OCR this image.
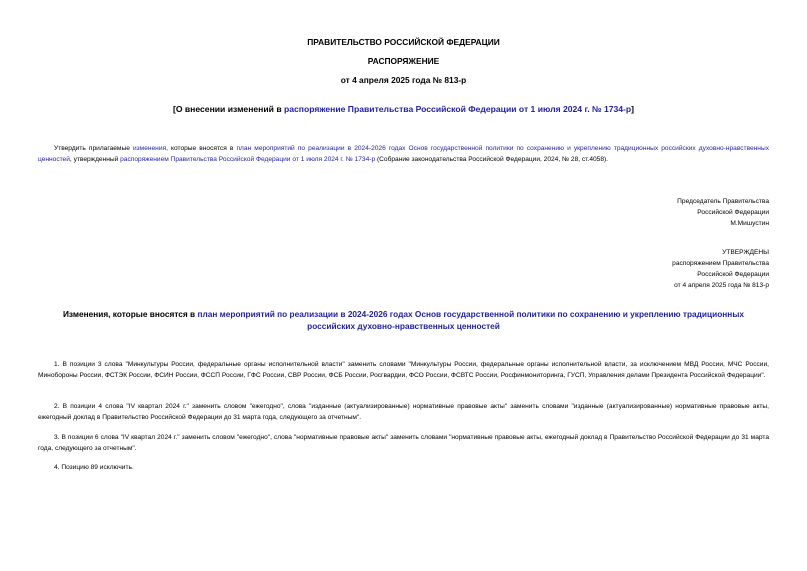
ПРАВИТЕЛЬСТВО РОССИЙСКОЙ ФЕДЕРАЦИИ
РАСПОРЯЖЕНИЕ
от 4 апреля 2025 года № 813-р
[О внесении изменений в распоряжение Правительства Российской Федерации от 1 июля 2024 г. № 1734-р]
Утвердить прилагаемые изменения, которые вносятся в план мероприятий по реализации в 2024-2026 годах Основ государственной политики по сохранению и укреплению традиционных российских духовно-нравственных ценностей, утвержденный распоряжением Правительства Российской Федерации от 1 июля 2024 г. № 1734-р (Собрание законодательства Российской Федерации, 2024, № 28, ст.4058).
Председатель Правительства
Российской Федерации
М.Мишустин
УТВЕРЖДЕНЫ
распоряжением Правительства
Российской Федерации
от 4 апреля 2025 года № 813-р
Изменения, которые вносятся в план мероприятий по реализации в 2024-2026 годах Основ государственной политики по сохранению и укреплению традиционных российских духовно-нравственных ценностей
1. В позиции 3 слова "Минкультуры России, федеральные органы исполнительной власти" заменить словами "Минкультуры России, федеральные органы исполнительной власти, за исключением МВД России, МЧС России, Минобороны России, ФСТЭК России, ФСИН России, ФССП России, ГФС России, СВР России, ФСБ России, Росгвардии, ФСО России, ФСВТС России, Росфинмониторинга, ГУСП, Управления делами Президента Российской Федерации".
2. В позиции 4 слова "IV квартал 2024 г." заменить словом "ежегодно", слова "изданные (актуализированные) нормативные правовые акты" заменить словами "изданные (актуализированные) нормативные правовые акты, ежегодный доклад в Правительство Российской Федерации до 31 марта года, следующего за отчетным".
3. В позиции 6 слова "IV квартал 2024 г." заменить словом "ежегодно", слова "нормативные правовые акты" заменить словами "нормативные правовые акты, ежегодный доклад в Правительство Российской Федерации до 31 марта года, следующего за отчетным".
4. Позицию 89 исключить.
